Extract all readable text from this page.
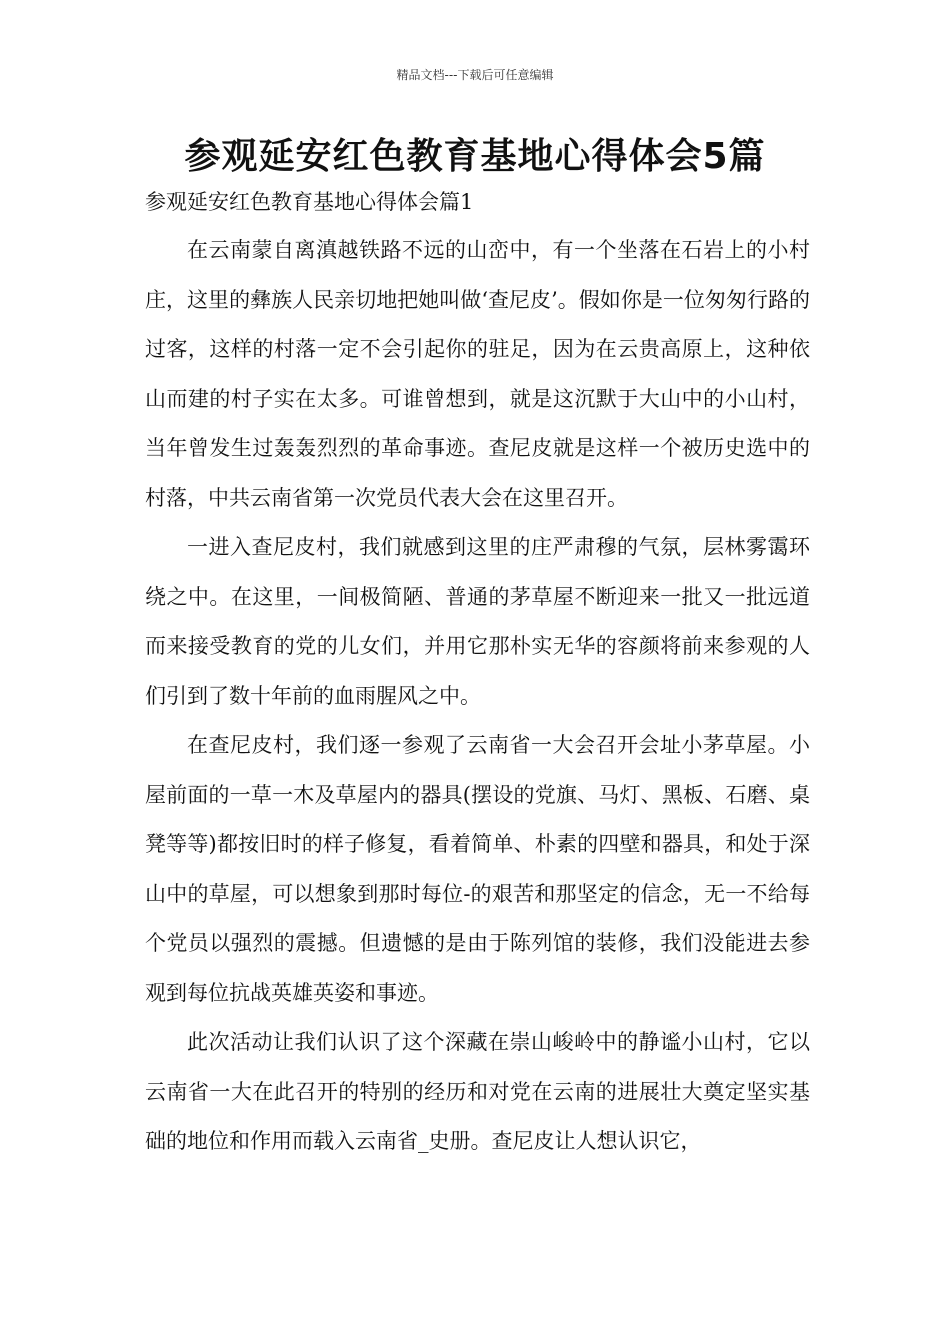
精品文档---下载后可任意编辑
参观延安红色教育基地心得体会5篇
参观延安红色教育基地心得体会篇1

在云南蒙自离滇越铁路不远的山峦中，有一个坐落在石岩上的小村庄，这里的彝族人民亲切地把她叫做‘查尼皮’。假如你是一位匆匆行路的过客，这样的村落一定不会引起你的驻足，因为在云贵高原上，这种依山而建的村子实在太多。可谁曾想到，就是这沉默于大山中的小山村，当年曾发生过轰轰烈烈的革命事迹。查尼皮就是这样一个被历史选中的村落，中共云南省第一次党员代表大会在这里召开。

一进入查尼皮村，我们就感到这里的庄严肃穆的气氛，层林雾霭环绕之中。在这里，一间极简陋、普通的茅草屋不断迎来一批又一批远道而来接受教育的党的儿女们，并用它那朴实无华的容颜将前来参观的人们引到了数十年前的血雨腥风之中。

在查尼皮村，我们逐一参观了云南省一大会召开会址小茅草屋。小屋前面的一草一木及草屋内的器具(摆设的党旗、马灯、黑板、石磨、桌凳等等)都按旧时的样子修复，看着简单、朴素的四壁和器具，和处于深山中的草屋，可以想象到那时每位-的艰苦和那坚定的信念，无一不给每个党员以强烈的震撼。但遗憾的是由于陈列馆的装修，我们没能进去参观到每位抗战英雄英姿和事迹。

此次活动让我们认识了这个深藏在崇山峻岭中的静谧小山村，它以云南省一大在此召开的特别的经历和对党在云南的进展壮大奠定坚实基础的地位和作用而载入云南省_史册。查尼皮让人想认识它，
